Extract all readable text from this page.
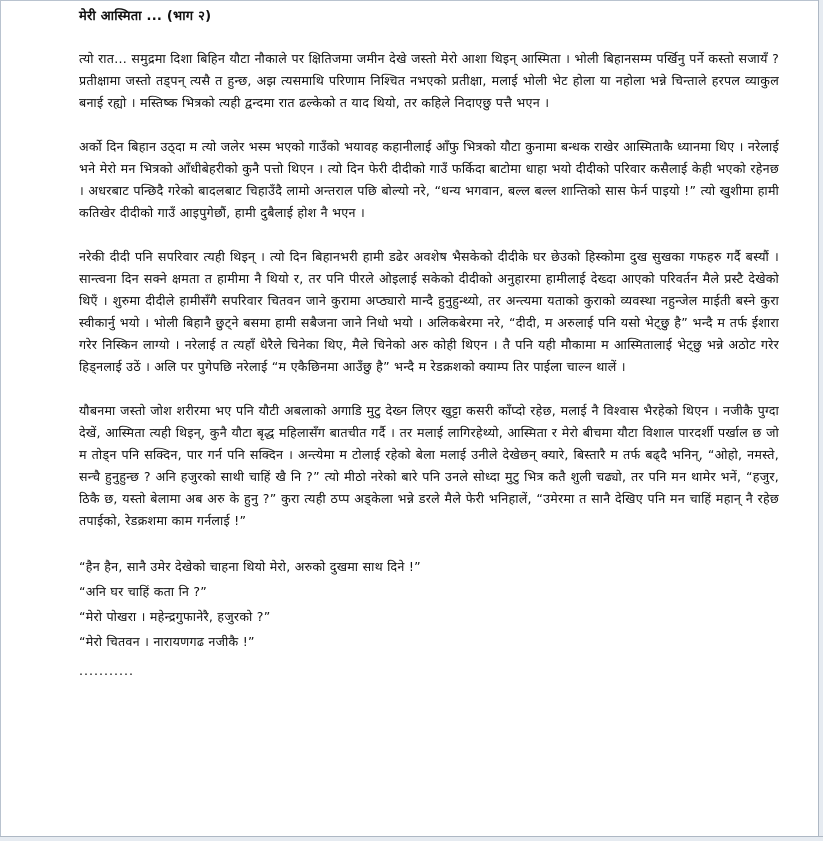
मेरी आस्मिता ... (भाग २)

त्यो रात... समुद्रमा दिशा बिहिन यौटा नौकाले पर क्षितिजमा जमीन देखे जस्तो मेरो आशा थिइन् आस्मिता । भोली बिहानसम्म पर्खिनु पर्ने कस्तो सजायँ ? प्रतीक्षामा जस्तो तड्पन् त्यसै त हुन्छ, अझ त्यसमाथि परिणाम निश्चित नभएको प्रतीक्षा, मलाई भोली भेट होला या नहोला भन्ने चिन्ताले हरपल व्याकुल बनाई रह्यो । मस्तिष्क भित्रको त्यही द्वन्दमा रात ढल्केको त याद थियो, तर कहिले निदाएछु पत्तै भएन ।

अर्को दिन बिहान उठ्दा म त्यो जलेर भस्म भएको गाउँको भयावह कहानीलाई आँफु भित्रको यौटा कुनामा बन्धक राखेर आस्मिताकै ध्यानमा थिए । नरेलाई भने मेरो मन भित्रको आँधीबेहरीको कुनै पत्तो थिएन । त्यो दिन फेरी दीदीको गाउँ फर्किदा बाटोमा धाहा भयो दीदीको परिवार कसैलाई केही भएको रहेनछ । अधरबाट पन्छिदै गरेको बादलबाट चिहाउँदै लामो अन्तराल पछि बोल्यो नरे, “धन्य भगवान, बल्ल बल्ल शान्तिको सास फेर्न पाइयो !” त्यो खुशीमा हामी कतिखेर दीदीको गाउँ आइपुगेछौं, हामी दुबैलाई होश नै भएन ।

नरेकी दीदी पनि सपरिवार त्यही थिइन् । त्यो दिन बिहानभरी हामी डढेर अवशेष भैसकेको दीदीके घर छेउको हिस्कोमा दुख सुखका गफहरु गर्दै बस्यौं । सान्त्वना दिन सक्ने क्षमता त हामीमा नै थियो र, तर पनि पीरले ओइलाई सकेको दीदीको अनुहारमा हामीलाई देख्दा आएको परिवर्तन मैले प्रस्टै देखेको थिएँ । शुरुमा दीदीले हामीसँगै सपरिवार चितवन जाने कुरामा अप्ठ्यारो मान्दै हुनुहुन्थ्यो, तर अन्त्यमा यताको कुराको व्यवस्था नहुन्जेल माईती बस्ने कुरा स्वीकार्नु भयो । भोली बिहानै छुट्ने बसमा हामी सबैजना जाने निधो भयो । अलिकबेरमा नरे, “दीदी, म अरुलाई पनि यसो भेट्छु है” भन्दै म तर्फ ईशारा गरेर निस्किन लाग्यो । नरेलाई त त्यहाँ धेरैले चिनेका थिए, मैले चिनेको अरु कोही थिएन । तै पनि यही मौकामा म आस्मितालाई भेट्छु भन्ने अठोट गरेर हिड्नलाई उठें । अलि पर पुगेपछि नरेलाई “म एकैछिनमा आउँछु है” भन्दै म रेडक्रशको क्याम्प तिर पाईला चाल्न थालें ।

यौबनमा जस्तो जोश शरीरमा भए पनि यौटी अबलाको अगाडि मुटु देख्न लिएर खुट्टा कसरी काँप्दो रहेछ, मलाई नै विश्वास भैरहेको थिएन । नजीकै पुग्दा देखें, आस्मिता त्यही थिइन्, कुनै यौटा बृद्ध महिलासँग बातचीत गर्दै । तर मलाई लागिरहेथ्यो, आस्मिता र मेरो बीचमा यौटा विशाल पारदर्शी पर्खाल छ जो म तोड्न पनि सक्दिन, पार गर्न पनि सक्दिन । अन्त्येमा म टोलाई रहेको बेला मलाई उनीले देखेछन् क्यारे, बिस्तारै म तर्फ बढ्दै भनिन्, “ओहो, नमस्ते, सन्चै हुनुहुन्छ ? अनि हजुरको साथी चाहिं खै नि ?” त्यो मीठो नरेको बारे पनि उनले सोध्दा मुटु भित्र कतै शुली चढ्यो, तर पनि मन थामेर भनें, “हजुर, ठिकै छ, यस्तो बेलामा अब अरु के हुनु ?” कुरा त्यही ठप्प अड्केला भन्ने डरले मैले फेरी भनिहालें, “उमेरमा त सानै देखिए पनि मन चाहिं महान् नै रहेछ तपाईको, रेडक्रशमा काम गर्नलाई !”

“हैन हैन, सानै उमेर देखेको चाहना थियो मेरो, अरुको दुखमा साथ दिने !”
“अनि घर चाहिं कता नि ?”
“मेरो पोखरा । महेन्द्रगुफानेरै, हजुरको ?”
“मेरो चितवन । नारायणगढ नजीकै !”
...........
